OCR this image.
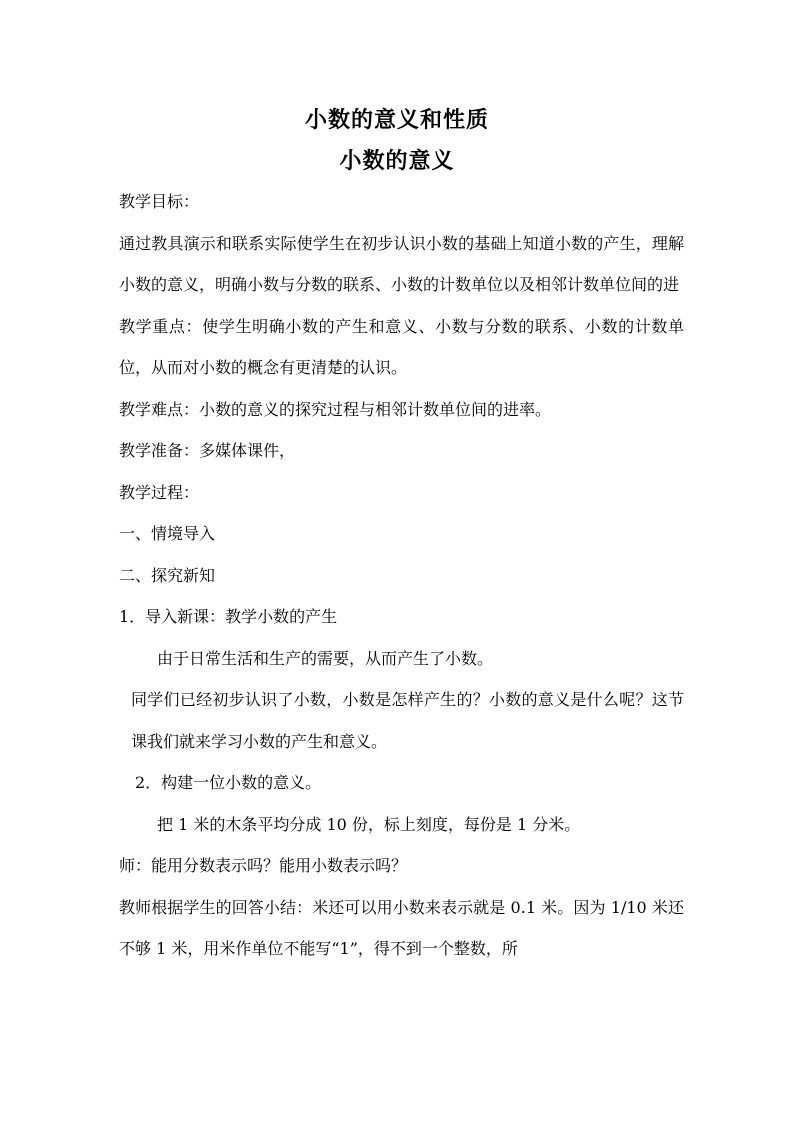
小数的意义和性质
小数的意义

教学目标：

通过教具演示和联系实际使学生在初步认识小数的基础上知道小数的产生，理解小数的意义，明确小数与分数的联系、小数的计数单位以及相邻计数单位间的进

教学重点：使学生明确小数的产生和意义、小数与分数的联系、小数的计数单位，从而对小数的概念有更清楚的认识。

教学难点：小数的意义的探究过程与相邻计数单位间的进率。

教学准备：多媒体课件，

教学过程：

一、情境导入

二、探究新知

1．导入新课：教学小数的产生

由于日常生活和生产的需要，从而产生了小数。

同学们已经初步认识了小数，小数是怎样产生的？小数的意义是什么呢？这节课我们就来学习小数的产生和意义。

2．构建一位小数的意义。

把 1 米的木条平均分成 10 份，标上刻度，每份是 1 分米。

师：能用分数表示吗？能用小数表示吗？

教师根据学生的回答小结：米还可以用小数来表示就是 0.1 米。因为 1/10 米还不够 1 米，用米作单位不能写“1”，得不到一个整数，所
